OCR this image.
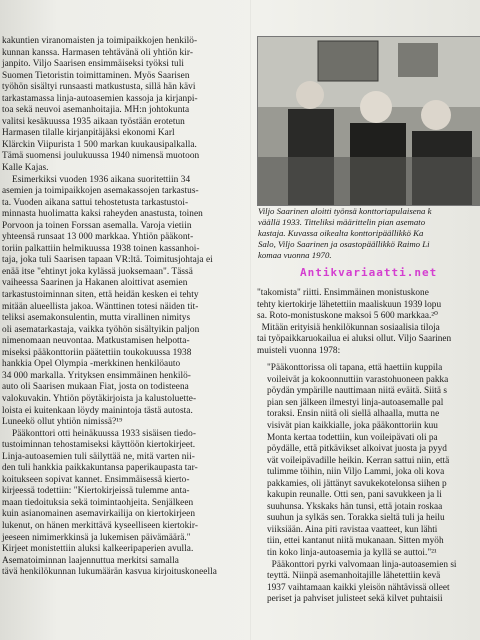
kakuntien viranomaisten ja toimipaikkojen henkilö-
kunnan kanssa. Harmasen tehtävänä oli yhtiön kir-
janpito. Viljo Saarisen ensimmäiseksi työksi tuli
Suomen Tietoristin toimittaminen. Myös Saarisen
työhön sisältyi runsaasti matkustusta, sillä hän kävi
tarkastamassa linja-autoasemien kassoja ja kirjanpi-
toa sekä neuvoi asemanhoitajia. MH:n johtokunta
valitsi kesäkuussa 1935 aikaan työstään erotetun
Harmasen tilalle kirjanpitäjäksi ekonomi Karl
Klärckin Viipurista 1 500 markan kuukausipalkalla.
Tämä suomensi joulukuussa 1940 nimensä muotoon
Kalle Kajas.

Esimerkiksi vuoden 1936 aikana suoritettiin 34
asemien ja toimipaikkojen asemakassojen tarkastus-
ta. Vuoden aikana sattui tehostetusta tarkastustoi-
minnasta huolimatta kaksi raheyden anastusta, toinen
Porvoon ja toinen Forssan asemalla. Varoja vietiin
yhteensä runsaat 13 000 markkaa. Yhtiön pääkont-
toriin palkattiin helmikuussa 1938 toinen kassanhoi-
taja, joka tuli Saarisen tapaan VR:ltä. Toimitusjohtaja ei
enää itse "ehtinyt joka kylässä juoksemaan". Tässä
vaiheessa Saarinen ja Hakanen aloittivat asemien
tarkastustoiminnan siten, että heidän kesken ei tehty
mitään alueellista jakoa. Wänttinen totesi näiden tit-
teliksi asemakonsulentin, mutta virallinen nimitys
oli asematarkastaja, vaikka työhön sisältyikin paljon
nimenomaan neuvontaa. Matkustamisen helpotta-
miseksi pääkonttoriin päätettiin toukokuussa 1938
hankkia Opel Olympia -merkkinen henkilöauto
34 000 markalla. Yrityksen ensimmäinen henkilö-
auto oli Saarisen mukaan Fiat, josta on todisteena
valokuvakin. Yhtiön pöytäkirjoista ja kalustoluette-
loista ei kuitenkaan löydy mainintoja tästä autosta.
Luneekö ollut yhtiön nimissä?¹⁹

Pääkonttori otti heinäkuussa 1933 sisäisen tiedo-
tustoiminnan tehostamiseksi käyttöön kiertokirjeet.
Linja-autoasemien tuli säilyttää ne, mitä varten nii-
den tuli hankkia paikkakuntansa paperikaupasta tar-
koitukseen sopivat kannet. Ensimmäisessä kierto-
kirjeessä todettiin: "Kiertokirjeissä tulemme anta-
maan tiedoituksia sekä toimintaohjeita. Senjälkeen
kuin asianomainen asemavirkailija on kiertokirjeen
lukenut, on hänen merkittävä kyseelliseen kiertokir-
jeeseen nimimerkkinsä ja lukemisen päivämäärä."
Kirjeet monistettiin aluksi kalkeeripaperien avulla.
Asematoiminnan laajennuttua merkitsi samalla
tävä henkilökunnan lukumäärän kasvua kirjoituskoneella

Viljo Saarinen aloitti työnsä konttoriapulaisena k

väällä 1933. Titteliksi määrittelin pian asemato

kastaja. Kuvassa oikealta konttoripäällikkö Ka

Salo, Viljo Saarinen ja osastopäällikkö Raimo Li

komaa vuonna 1970.

Antikvariaatti.net

"takomista" riitti. Ensimmäinen monistuskone
tehty kiertokirje lähetettiin maaliskuun 1939 lopu
sa. Roto-monistuskone maksoi 5 600 markkaa.²⁰
Mitään erityisiä henkilökunnan sosiaalisia tiloja
tai työpaikkaruokailua ei aluksi ollut. Viljo Saarinen
muisteli vuonna 1978:

"Pääkonttorissa oli tapana, että haettiin kuppila
voileivät ja kokoonnuttiin varastohuoneen pakka
pöydän ympärille nauttimaan niitä eväitä. Siitä s
pian sen jälkeen ilmestyi linja-autoasemalle pal
toraksi. Ensin niitä oli siellä alhaalla, mutta ne
visivät pian kaikkialle, joka pääkonttoriin kuu
Monta kertaa todettiin, kun voileipävati oli pa
pöydälle, että pitkävikset alkoivat juosta ja pyyd
vät voileipävadille heikin. Kerran sattui niin, että
tulimme töihin, niin Viljo Lammi, joka oli kova
pakkamies, oli jättänyt savukekotelonsa siihen p
kakupin reunalle. Otti sen, pani savukkeen ja li
suuhunsa. Ykskaks hän tunsi, että jotain roskaa
suuhun ja sylkäs sen. Torakka sieltä tuli ja heilu
viiksiään. Aina piti ravistaa vaatteet, kun lähti
tiin, ettei kantanut niitä mukanaan. Sitten myöh
tin koko linja-autoasemia ja kyllä se auttoi."²¹
Pääkonttori pyrki valvomaan linja-autoasemien si
teyttä. Niinpä asemanhoitajille lähetettiin kevä
1937 vaihtamaan kaikki yleisön nähtävissä olleet
periset ja pahviset julisteet sekä kilvet puhtaisii
